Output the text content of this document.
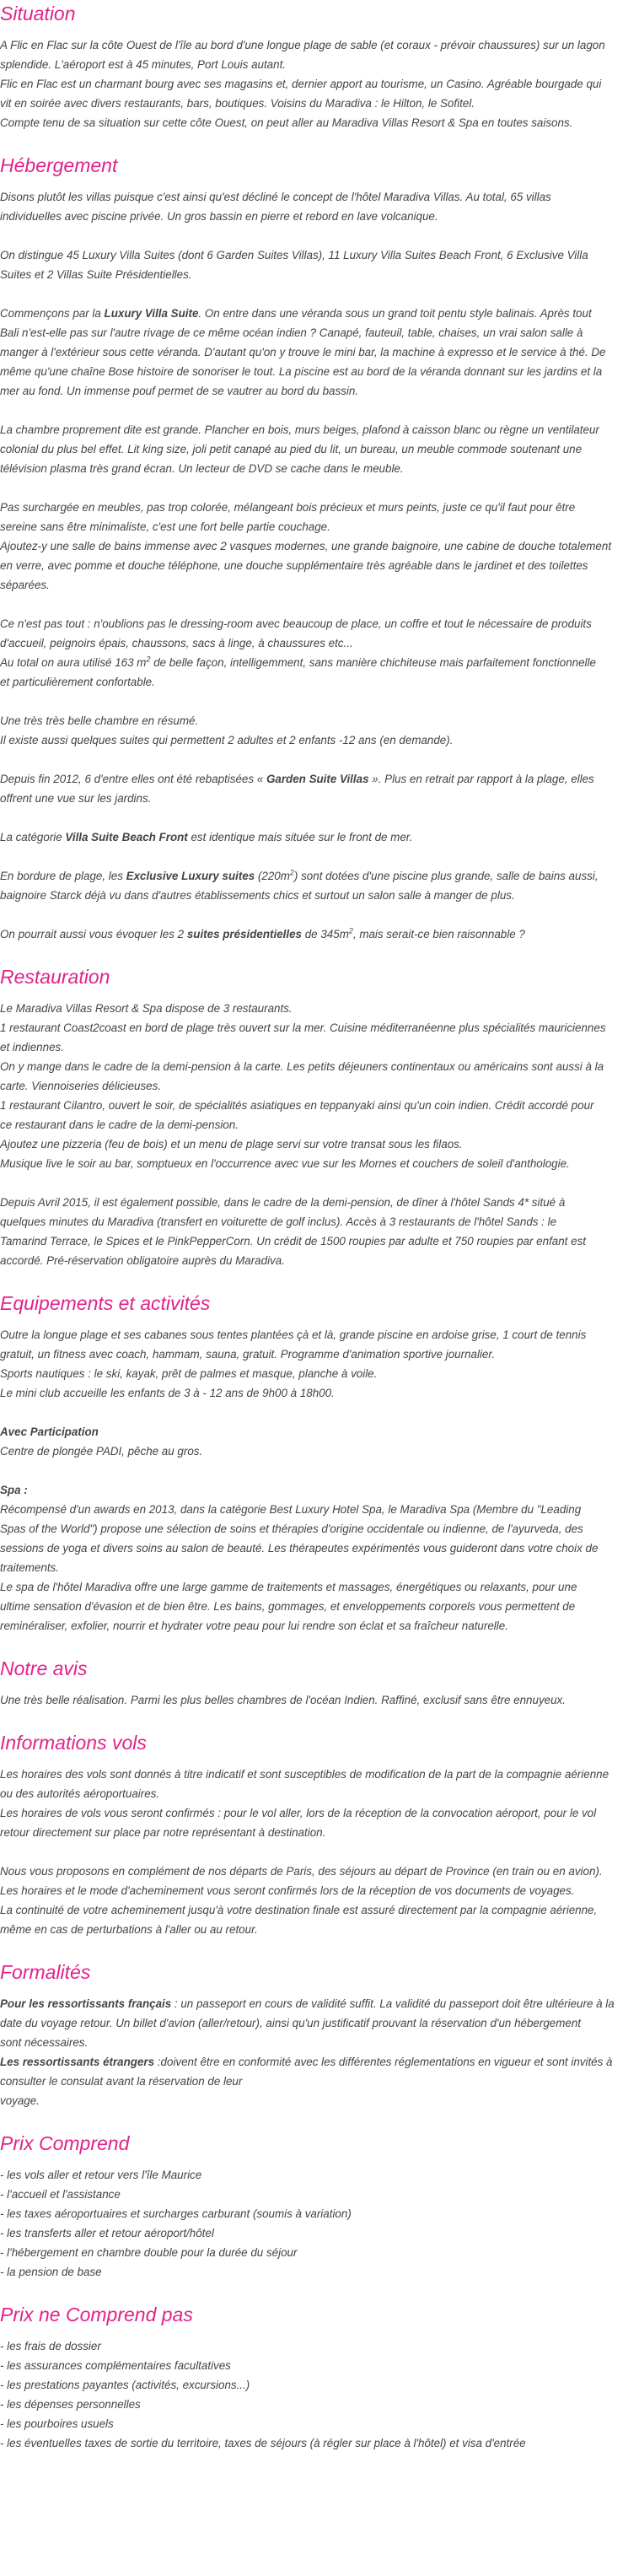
Situation

A Flic en Flac sur la côte Ouest de l'île au bord d'une longue plage de sable (et coraux - prévoir chaussures) sur un lagon
splendide. L'aéroport est à 45 minutes, Port Louis autant.
Flic en Flac est un charmant bourg avec ses magasins et, dernier apport au tourisme, un Casino. Agréable bourgade qui
vit en soirée avec divers restaurants, bars, boutiques. Voisins du Maradiva : le Hilton, le Sofitel.
Compte tenu de sa situation sur cette côte Ouest, on peut aller au Maradiva Villas Resort & Spa en toutes saisons.

Hébergement

Disons plutôt les villas puisque c'est ainsi qu'est décliné le concept de l'hôtel Maradiva Villas. Au total, 65 villas
individuelles avec piscine privée. Un gros bassin en pierre et rebord en lave volcanique.

On distingue 45 Luxury Villa Suites (dont 6 Garden Suites Villas), 11 Luxury Villa Suites Beach Front, 6 Exclusive Villa
Suites et 2 Villas Suite Présidentielles.

Commençons par la Luxury Villa Suite. On entre dans une véranda sous un grand toit pentu style balinais. Après tout
Bali n'est-elle pas sur l'autre rivage de ce même océan indien ? Canapé, fauteuil, table, chaises, un vrai salon salle à
manger à l'extérieur sous cette véranda. D'autant qu'on y trouve le mini bar, la machine à expresso et le service à thé. De
même qu'une chaîne Bose histoire de sonoriser le tout. La piscine est au bord de la véranda donnant sur les jardins et la
mer au fond. Un immense pouf permet de se vautrer au bord du bassin.

La chambre proprement dite est grande. Plancher en bois, murs beiges, plafond à caisson blanc ou règne un ventilateur
colonial du plus bel effet. Lit king size, joli petit canapé au pied du lit, un bureau, un meuble commode soutenant une
télévision plasma très grand écran. Un lecteur de DVD se cache dans le meuble.

Pas surchargée en meubles, pas trop colorée, mélangeant bois précieux et murs peints, juste ce qu'il faut pour être
sereine sans être minimaliste, c'est une fort belle partie couchage.
Ajoutez-y une salle de bains immense avec 2 vasques modernes, une grande baignoire, une cabine de douche totalement
en verre, avec pomme et douche téléphone, une douche supplémentaire très agréable dans le jardinet et des toilettes
séparées.

Ce n'est pas tout : n'oublions pas le dressing-room avec beaucoup de place, un coffre et tout le nécessaire de produits
d'accueil, peignoirs épais, chaussons, sacs à linge, à chaussures etc...
Au total on aura utilisé 163 $m^2$ de belle façon, intelligemment, sans manière chichiteuse mais parfaitement fonctionnelle
et particulièrement confortable.

Une très très belle chambre en résumé.
Il existe aussi quelques suites qui permettent 2 adultes et 2 enfants -12 ans (en demande).

Depuis fin 2012, 6 d'entre elles ont été rebaptisées « Garden Suite Villas ». Plus en retrait par rapport à la plage, elles
offrent une vue sur les jardins.

La catégorie Villa Suite Beach Front est identique mais située sur le front de mer.

En bordure de plage, les Exclusive Luxury suites $(220m^2)$ sont dotées d'une piscine plus grande, salle de bains aussi,
baignoire Starck déjà vu dans d'autres établissements chics et surtout un salon salle à manger de plus.

On pourrait aussi vous évoquer les 2 suites présidentielles de $345m^2$, mais serait-ce bien raisonnable ?

Restauration

Le Maradiva Villas Resort & Spa dispose de 3 restaurants.
1 restaurant Coast2coast en bord de plage très ouvert sur la mer. Cuisine méditerranéenne plus spécialités mauriciennes
et indiennes.
On y mange dans le cadre de la demi-pension à la carte. Les petits déjeuners continentaux ou américains sont aussi à la
carte. Viennoiseries délicieuses.
1 restaurant Cilantro, ouvert le soir, de spécialités asiatiques en teppanyaki ainsi qu'un coin indien. Crédit accordé pour
ce restaurant dans le cadre de la demi-pension.
Ajoutez une pizzeria (feu de bois) et un menu de plage servi sur votre transat sous les filaos.
Musique live le soir au bar, somptueux en l'occurrence avec vue sur les Mornes et couchers de soleil d'anthologie.

Depuis Avril 2015, il est également possible, dans le cadre de la demi-pension, de dîner à l'hôtel Sands 4* situé à
quelques minutes du Maradiva (transfert en voiturette de golf inclus). Accès à 3 restaurants de l'hôtel Sands : le
Tamarind Terrace, le Spices et le PinkPepperCorn. Un crédit de 1500 roupies par adulte et 750 roupies par enfant est
accordé. Pré-réservation obligatoire auprès du Maradiva.

Equipements et activités

Outre la longue plage et ses cabanes sous tentes plantées çà et là, grande piscine en ardoise grise, 1 court de tennis
gratuit, un fitness avec coach, hammam, sauna, gratuit. Programme d'animation sportive journalier.
Sports nautiques : le ski, kayak, prêt de palmes et masque, planche à voile.
Le mini club accueille les enfants de 3 à - 12 ans de 9h00 à 18h00.

Avec Participation
Centre de plongée PADI, pêche au gros.

Spa :
Récompensé d'un awards en 2013, dans la catégorie Best Luxury Hotel Spa, le Maradiva Spa (Membre du "Leading
Spas of the World") propose une sélection de soins et thérapies d'origine occidentale ou indienne, de l'ayurveda, des
sessions de yoga et divers soins au salon de beauté. Les thérapeutes expérimentés vous guideront dans votre choix de
traitements.
Le spa de l'hôtel Maradiva offre une large gamme de traitements et massages, énergétiques ou relaxants, pour une
ultime sensation d'évasion et de bien être. Les bains, gommages, et enveloppements corporels vous permettent de
reminéraliser, exfolier, nourrir et hydrater votre peau pour lui rendre son éclat et sa fraîcheur naturelle.

Notre avis

Une très belle réalisation. Parmi les plus belles chambres de l'océan Indien. Raffiné, exclusif sans être ennuyeux.

Informations vols

Les horaires des vols sont donnés à titre indicatif et sont susceptibles de modification de la part de la compagnie aérienne
ou des autorités aéroportuaires.
Les horaires de vols vous seront confirmés : pour le vol aller, lors de la réception de la convocation aéroport, pour le vol
retour directement sur place par notre représentant à destination.

Nous vous proposons en complément de nos départs de Paris, des séjours au départ de Province (en train ou en avion).
Les horaires et le mode d'acheminement vous seront confirmés lors de la réception de vos documents de voyages.
La continuité de votre acheminement jusqu'à votre destination finale est assuré directement par la compagnie aérienne,
même en cas de perturbations à l'aller ou au retour.

Formalités

Pour les ressortissants français : un passeport en cours de validité suffit. La validité du passeport doit être ultérieure à la
date du voyage retour. Un billet d'avion (aller/retour), ainsi qu'un justificatif prouvant la réservation d'un hébergement
sont nécessaires.
Les ressortissants étrangers :doivent être en conformité avec les différentes réglementations en vigueur et sont invités à
consulter le consulat avant la réservation de leur
voyage.

Prix Comprend
- les vols aller et retour vers l'île Maurice
- l'accueil et l'assistance
- les taxes aéroportuaires et surcharges carburant (soumis à variation)
- les transferts aller et retour aéroport/hôtel
- l'hébergement en chambre double pour la durée du séjour
- la pension de base
Prix ne Comprend pas
- les frais de dossier
- les assurances complémentaires facultatives
- les prestations payantes (activités, excursions...)
- les dépenses personnelles
- les pourboires usuels
- les éventuelles taxes de sortie du territoire, taxes de séjours (à régler sur place à l'hôtel) et visa d'entrée
